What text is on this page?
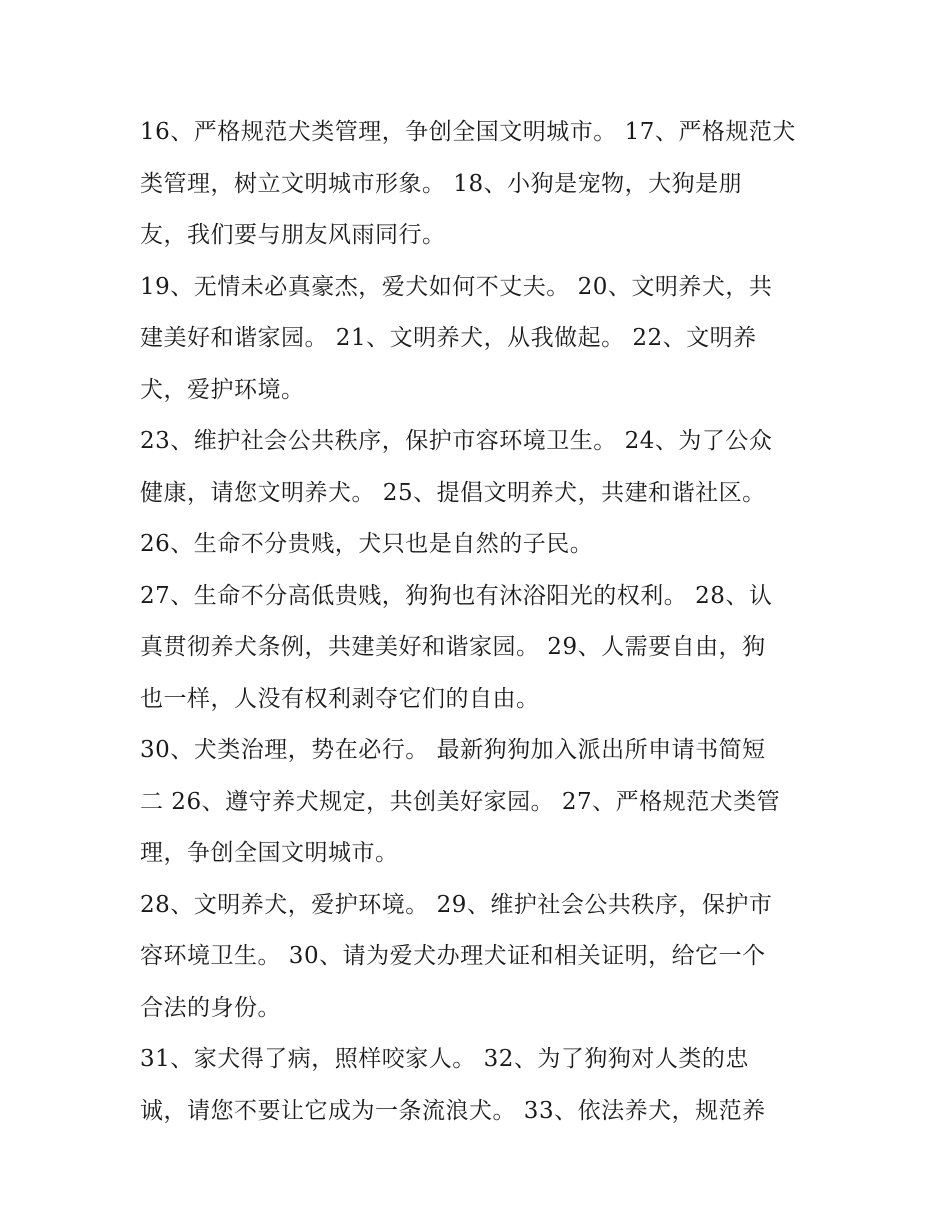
16、严格规范犬类管理，争创全国文明城市。 17、严格规范犬
类管理，树立文明城市形象。 18、小狗是宠物，大狗是朋
友，我们要与朋友风雨同行。
19、无情未必真豪杰，爱犬如何不丈夫。 20、文明养犬，共
建美好和谐家园。 21、文明养犬，从我做起。 22、文明养
犬，爱护环境。
23、维护社会公共秩序，保护市容环境卫生。 24、为了公众
健康，请您文明养犬。 25、提倡文明养犬，共建和谐社区。
26、生命不分贵贱，犬只也是自然的子民。
27、生命不分高低贵贱，狗狗也有沐浴阳光的权利。 28、认
真贯彻养犬条例，共建美好和谐家园。 29、人需要自由，狗
也一样，人没有权利剥夺它们的自由。
30、犬类治理，势在必行。 最新狗狗加入派出所申请书简短
二 26、遵守养犬规定，共创美好家园。 27、严格规范犬类管
理，争创全国文明城市。
28、文明养犬，爱护环境。 29、维护社会公共秩序，保护市
容环境卫生。 30、请为爱犬办理犬证和相关证明，给它一个
合法的身份。
31、家犬得了病，照样咬家人。 32、为了狗狗对人类的忠
诚，请您不要让它成为一条流浪犬。 33、依法养犬，规范养
